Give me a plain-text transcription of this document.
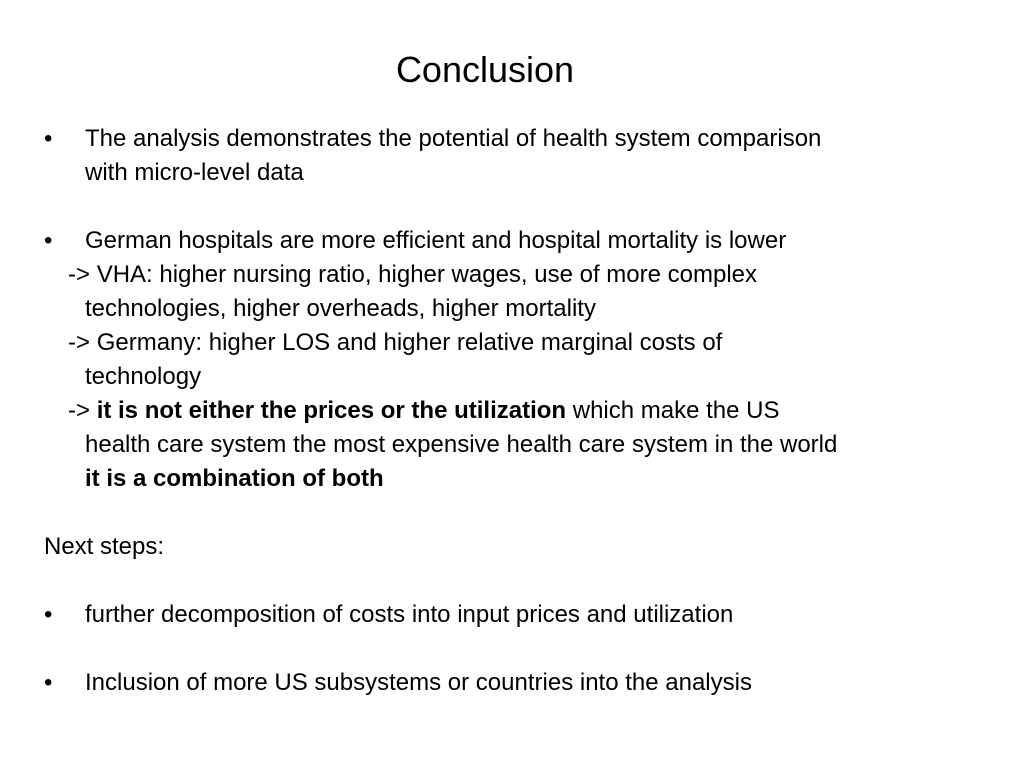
Conclusion
• The analysis demonstrates the potential of health system comparison
with micro-level data
• German hospitals are more efficient and hospital mortality is lower
-> VHA: higher nursing ratio, higher wages, use of more complex
technologies, higher overheads, higher mortality
-> Germany: higher LOS and higher relative marginal costs of
technology
-> it is not either the prices or the utilization which make the US
health care system the most expensive health care system in the world
it is a combination of both
Next steps:
• further decomposition of costs into input prices and utilization
• Inclusion of more US subsystems or countries into the analysis
